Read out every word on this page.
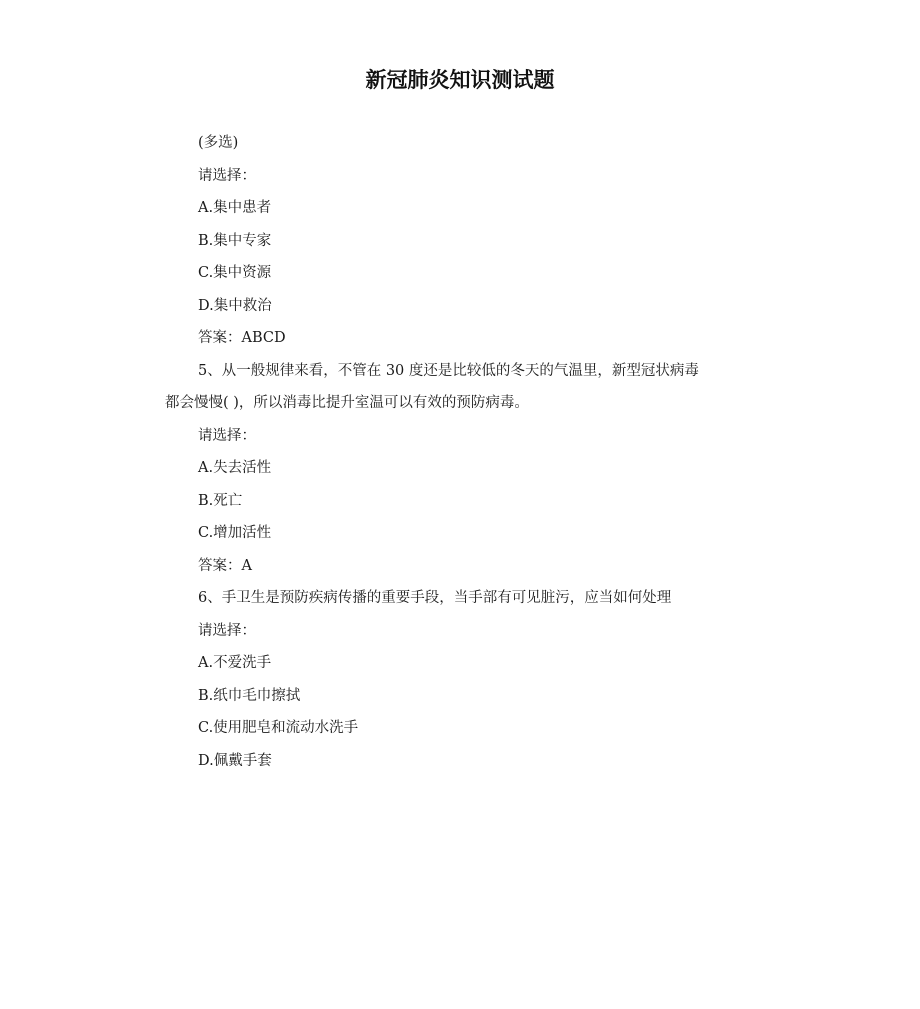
新冠肺炎知识测试题
(多选)
请选择：
A.集中患者
B.集中专家
C.集中资源
D.集中救治
答案：ABCD
5、从一般规律来看，不管在 30 度还是比较低的冬天的气温里，新型冠状病毒
都会慢慢( )，所以消毒比提升室温可以有效的预防病毒。
请选择：
A.失去活性
B.死亡
C.增加活性
答案：A
6、手卫生是预防疾病传播的重要手段，当手部有可见脏污，应当如何处理
请选择：
A.不爱洗手
B.纸巾毛巾擦拭
C.使用肥皂和流动水洗手
D.佩戴手套
